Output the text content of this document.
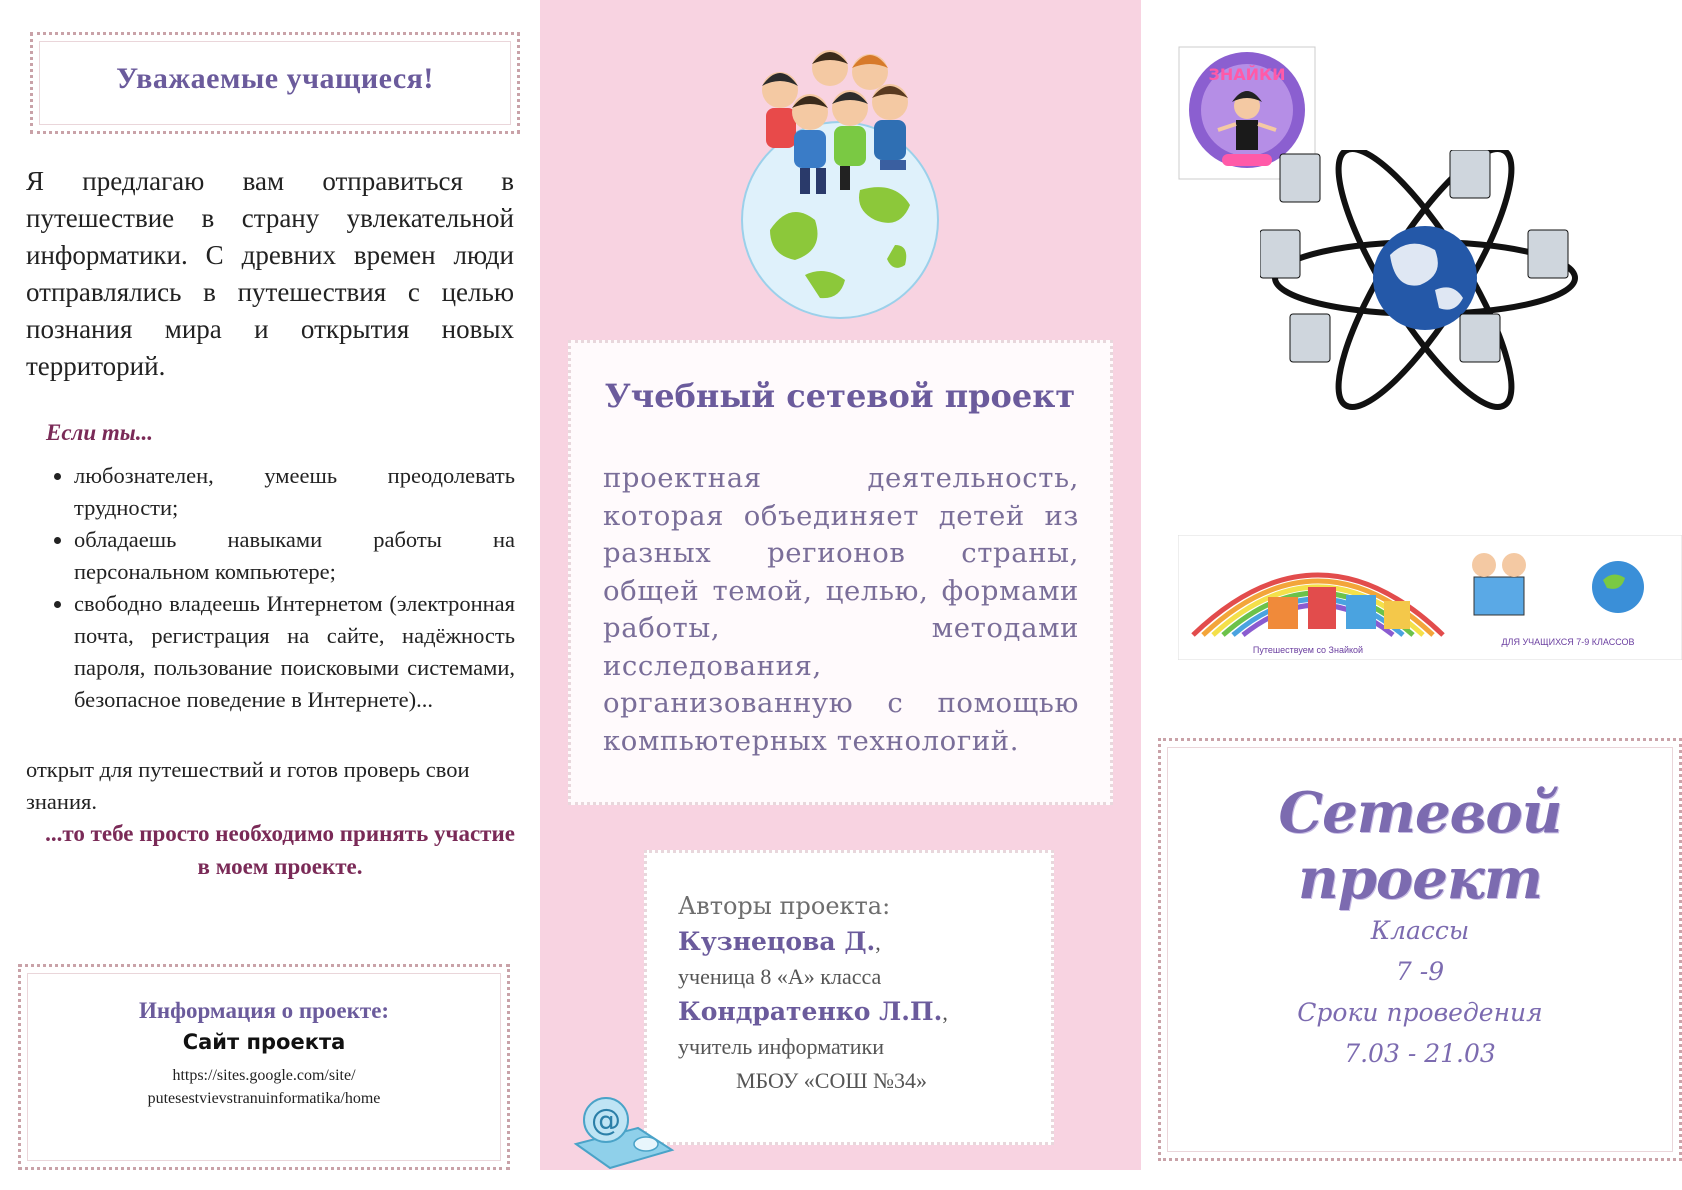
Уважаемые учащиеся!
Я предлагаю вам отправиться в путешествие в страну увлекательной информатики. С древних времен люди отправлялись в путешествия с целью познания мира и открытия новых территорий.
Если ты...
• любознателен, умеешь преодолевать трудности;
• обладаешь навыками работы на персональном компьютере;
• свободно владеешь Интернетом (электронная почта, регистрация на сайте, надёжность пароля, пользование поисковыми системами, безопасное поведение в Интернете)...
открыт для путешествий и готов проверь свои знания.
...то тебе просто необходимо принять участие в моем проекте.
Информация о проекте:
Сайт проекта
https://sites.google.com/site/ putesestvievstranuinformatika/home
Учебный сетевой проект
проектная деятельность, которая объединяет детей из разных регионов страны, общей темой, целью, формами работы, методами исследования, организованную с помощью компьютерных технологий.
Авторы проекта:
Кузнецова Д.,
ученица 8 «А» класса
Кондратенко Л.П.,
учитель информатики
МБОУ «СОШ №34»
@
ЗНАЙКИ
Путешествуем со Знайкой
ДЛЯ УЧАЩИХСЯ 7-9 КЛАССОВ
Сетевой проект
Классы
7 -9
Сроки проведения
7.03 - 21.03
